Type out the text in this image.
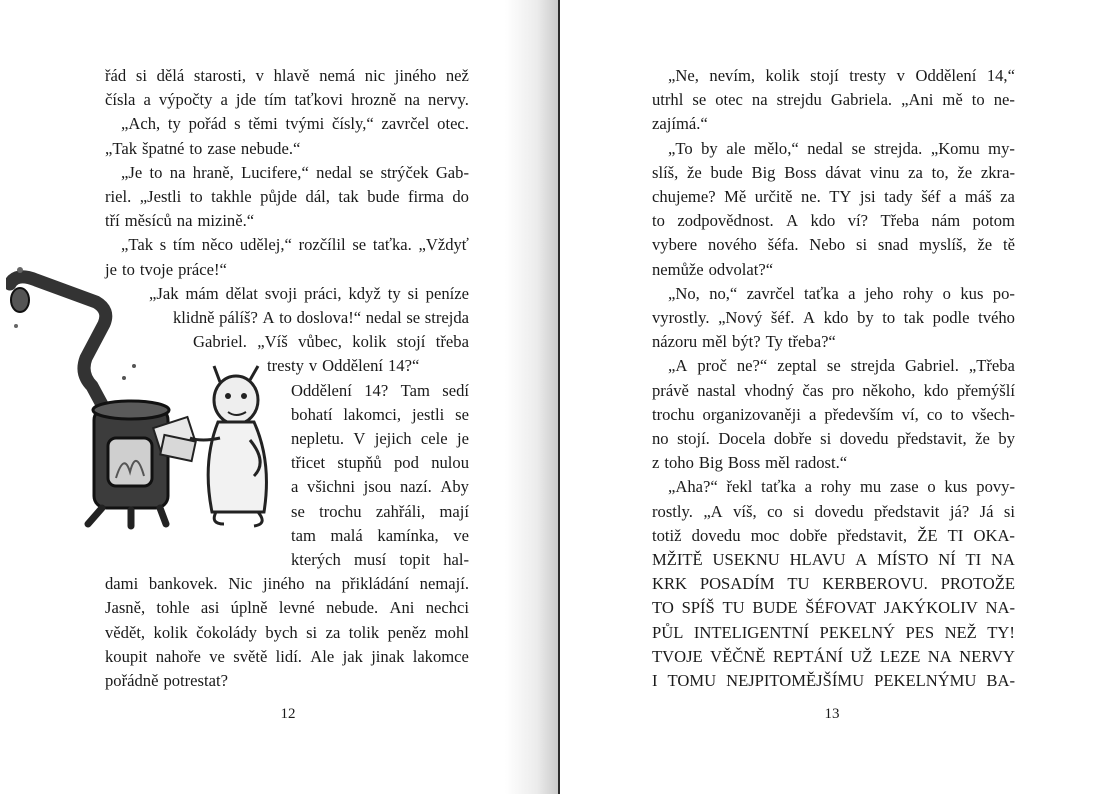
řád si dělá starosti, v hlavě nemá nic jiného než
čísla a výpočty a jde tím taťkovi hrozně na nervy.
„Ach, ty pořád s těmi tvými čísly,“ zavrčel otec.
„Tak špatné to zase nebude.“
„Je to na hraně, Lucifere,“ nedal se strýček Gab-
riel. „Jestli to takhle půjde dál, tak bude firma do
tří měsíců na mizině.“
„Tak s tím něco udělej,“ rozčílil se taťka. „Vždyť
je to tvoje práce!“
„Jak mám dělat svoji práci, když ty si peníze
klidně pálíš? A to doslova!“ nedal se strejda
Gabriel. „Víš vůbec, kolik stojí třeba
tresty v Oddělení 14?“
Oddělení 14? Tam sedí
bohatí lakomci, jestli se
nepletu. V jejich cele je
třicet stupňů pod nulou
a všichni jsou nazí. Aby
se trochu zahřáli, mají
tam malá kamínka, ve
kterých musí topit hal-
dami bankovek. Nic jiného na přikládání nemají.
Jasně, tohle asi úplně levné nebude. Ani nechci
vědět, kolik čokolády bych si za tolik peněz mohl
koupit nahoře ve světě lidí. Ale jak jinak lakomce
pořádně potrestat?
12
„Ne, nevím, kolik stojí tresty v Oddělení 14,“
utrhl se otec na strejdu Gabriela. „Ani mě to ne-
zajímá.“
„To by ale mělo,“ nedal se strejda. „Komu my-
slíš, že bude Big Boss dávat vinu za to, že zkra-
chujeme? Mě určitě ne. TY jsi tady šéf a máš za
to zodpovědnost. A kdo ví? Třeba nám potom
vybere nového šéfa. Nebo si snad myslíš, že tě
nemůže odvolat?“
„No, no,“ zavrčel taťka a jeho rohy o kus po-
vyrostly. „Nový šéf. A kdo by to tak podle tvého
názoru měl být? Ty třeba?“
„A proč ne?“ zeptal se strejda Gabriel. „Třeba
právě nastal vhodný čas pro někoho, kdo přemýšlí
trochu organizovaněji a především ví, co to všech-
no stojí. Docela dobře si dovedu představit, že by
z toho Big Boss měl radost.“
„Aha?“ řekl taťka a rohy mu zase o kus povy-
rostly. „A víš, co si dovedu představit já? Já si
totiž dovedu moc dobře představit, ŽE TI OKA-
MŽITĚ USEKNU HLAVU A MÍSTO NÍ TI NA
KRK POSADÍM TU KERBEROVU. PROTOŽE
TO SPÍŠ TU BUDE ŠÉFOVAT JAKÝKOLIV NA-
PŮL INTELIGENTNÍ PEKELNÝ PES NEŽ TY!
TVOJE VĚČNĚ REPTÁNÍ UŽ LEZE NA NERVY
I TOMU NEJPITOMĚJŠÍMU PEKELNÝMU BA-
13
